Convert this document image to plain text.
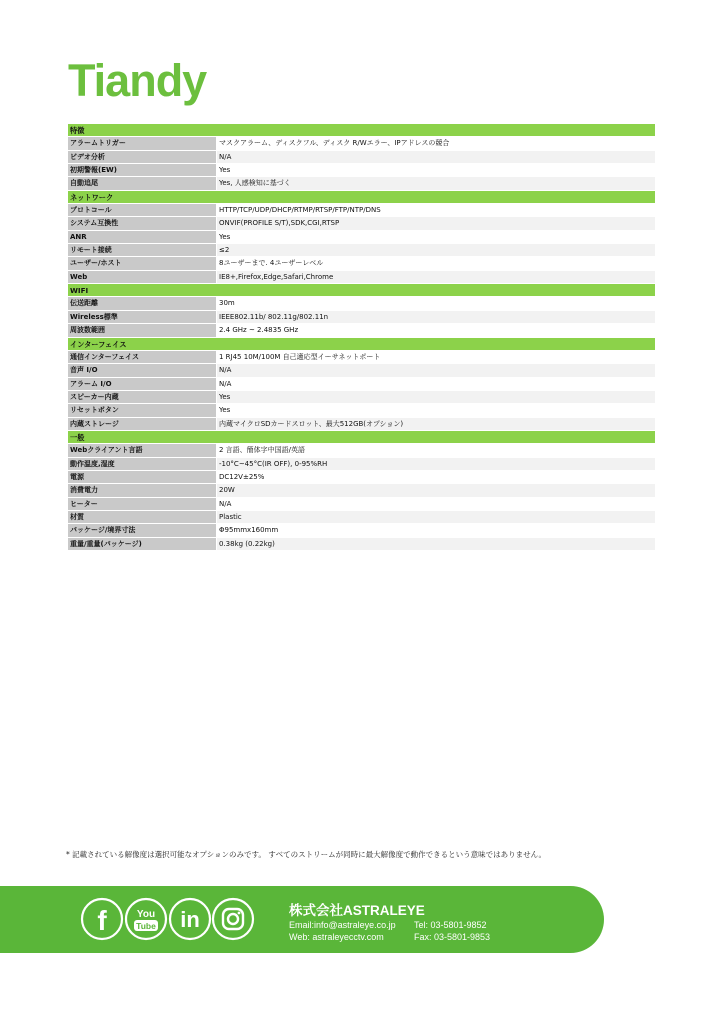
Tiandy
特徴
アラームトリガー	マスクアラーム、ディスクフル、ディスク R/Wエラー、IPアドレスの競合
ビデオ分析	N/A
初期警報(EW)	Yes
自動追尾	Yes, 人感検知に基づく
ネットワーク
プロトコール	HTTP/TCP/UDP/DHCP/RTMP/RTSP/FTP/NTP/DNS
システム互換性	ONVIF(PROFILE S/T),SDK,CGI,RTSP
ANR	Yes
リモート接続	≤2
ユーザー/ホスト	8ユーザーまで. 4ユーザーレベル
Web	IE8+,Firefox,Edge,Safari,Chrome
WIFI
伝送距離	30m
Wireless標準	IEEE802.11b/ 802.11g/802.11n
周波数範囲	2.4 GHz ~ 2.4835 GHz
インターフェイス
通信インターフェイス	1 RJ45 10M/100M 自己適応型イーサネットポート
音声 I/O	N/A
アラーム I/O	N/A
スピーカー内蔵	Yes
リセットボタン	Yes
内蔵ストレージ	内蔵マイクロSDカードスロット、最大512GB(オプション)
一般
Webクライアント言語	2 言語、簡体字中国語/英語
動作温度,湿度	-10°C~45°C(IR OFF), 0-95%RH
電源	DC12V±25%
消費電力	20W
ヒーター	N/A
材質	Plastic
パッケージ/境界寸法	Φ95mmx160mm
重量/重量(パッケージ)	0.38kg (0.22kg)
* 記載されている解像度は選択可能なオプションのみです。 すべてのストリームが同時に最大解像度で動作できるという意味ではありません。
f	You
Tube in	株式会社ASTRALEYE
Email:info@astraleye.co.jp Tel: 03-5801-9852
Web: astraleyecctv.com	Fax: 03-5801-9853
